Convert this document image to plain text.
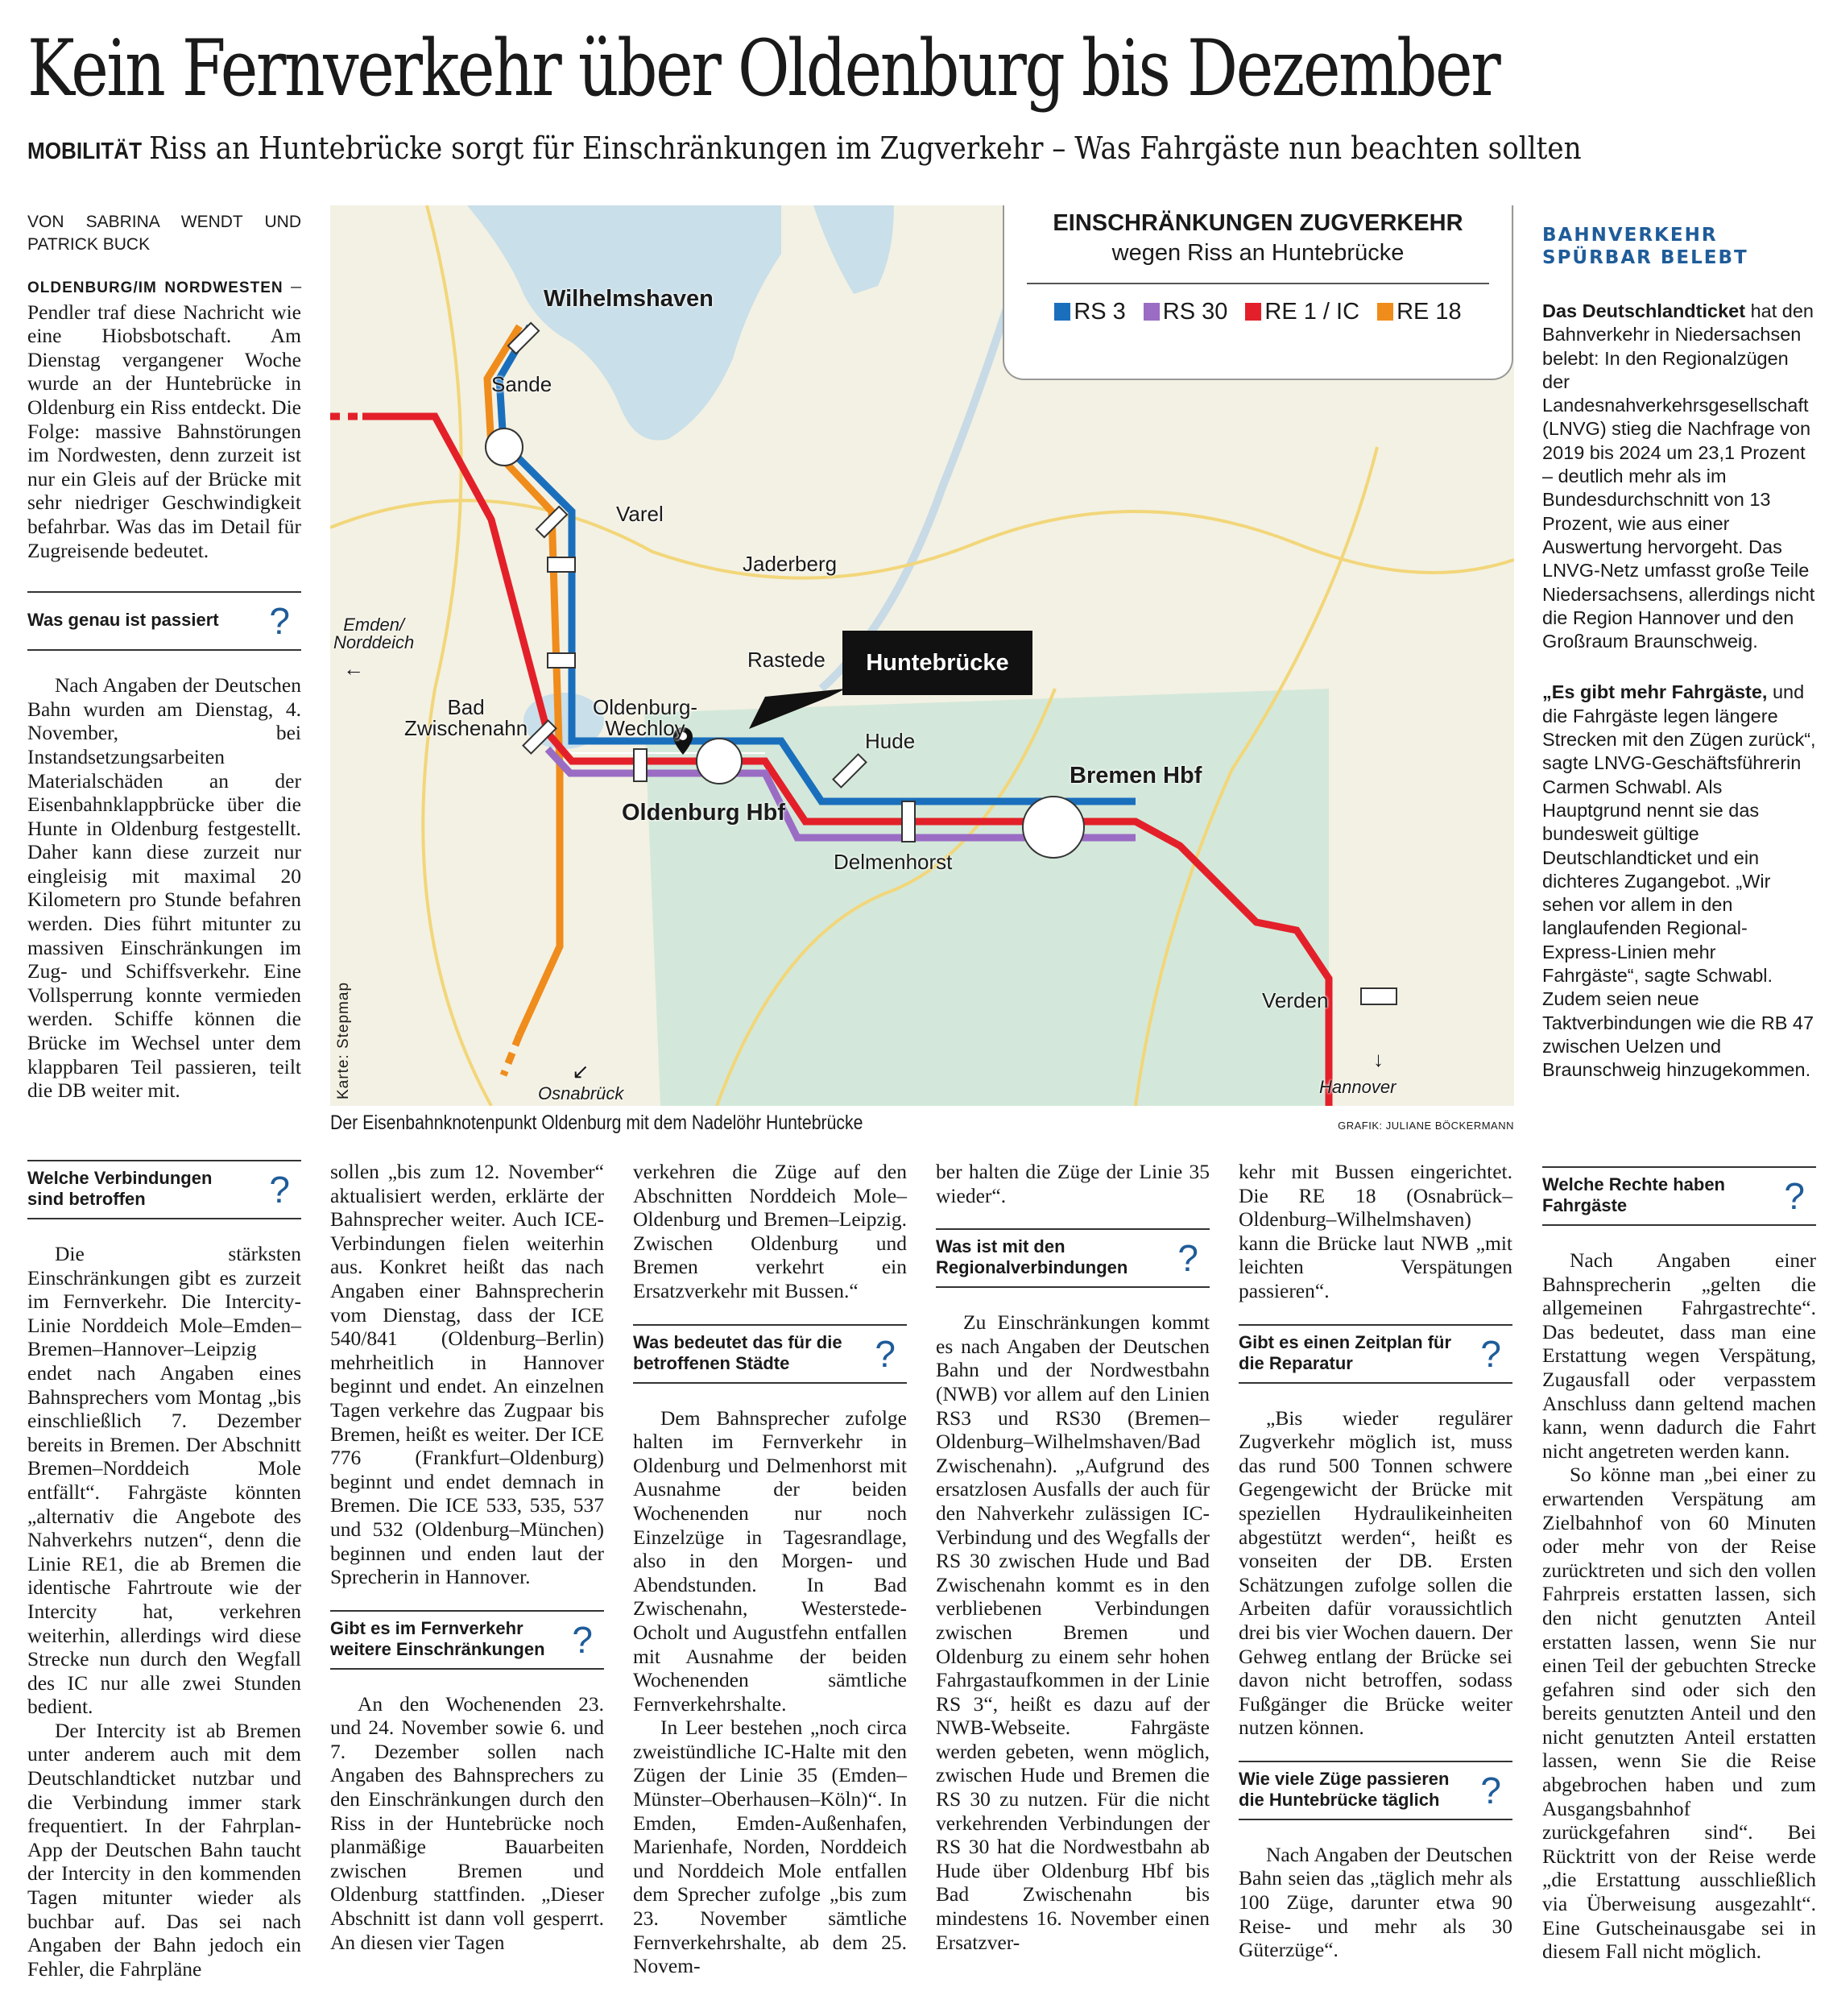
Kein Fernverkehr über Oldenburg bis Dezember
MOBILITÄT Riss an Huntebrücke sorgt für Einschränkungen im Zugverkehr – Was Fahrgäste nun beachten sollten
VON SABRINA WENDT UND PATRICK BUCK

OLDENBURG/IM NORDWESTEN – Pendler traf diese Nachricht wie eine Hiobsbotschaft. Am Dienstag vergangener Woche wurde an der Huntebrücke in Oldenburg ein Riss entdeckt. Die Folge: massive Bahnstörungen im Nordwesten, denn zurzeit ist nur ein Gleis auf der Brücke mit sehr niedriger Geschwindigkeit befahrbar. Was das im Detail für Zugreisende bedeutet.

Was genau ist passiert	?

Nach Angaben der Deutschen Bahn wurden am Dienstag, 4. November, bei Instandsetzungsarbeiten Materialschäden an der Eisenbahnklappbrücke über die Hunte in Oldenburg festgestellt. Daher kann diese zurzeit nur eingleisig mit maximal 20 Kilometern pro Stunde befahren werden. Dies führt mitunter zu massiven Einschränkungen im Zug- und Schiffsverkehr. Eine Vollsperrung konnte vermieden werden. Schiffe können die Brücke im Wechsel unter dem klappbaren Teil passieren, teilt die DB weiter mit.

Welche Verbindungen sind betroffen	?

Die stärksten Einschränkungen gibt es zurzeit im Fernverkehr. Die Intercity-Linie Norddeich Mole–Emden–Bremen–Hannover–Leipzig endet nach Angaben eines Bahnsprechers vom Montag „bis einschließlich 7. Dezember bereits in Bremen. Der Abschnitt Bremen–Norddeich Mole entfällt“. Fahrgäste könnten „alternativ die Angebote des Nahverkehrs nutzen“, denn die Linie RE1, die ab Bremen die identische Fahrtroute wie der Intercity hat, verkehren weiterhin, allerdings wird diese Strecke nun durch den Wegfall des IC nur alle zwei Stunden bedient.

Der Intercity ist ab Bremen unter anderem auch mit dem Deutschlandticket nutzbar und die Verbindung immer stark frequentiert. In der Fahrplan-App der Deutschen Bahn taucht der Intercity in den kommenden Tagen mitunter wieder als buchbar auf. Das sei nach Angaben der Bahn jedoch ein Fehler, die Fahrpläne

sollen „bis zum 12. November“ aktualisiert werden, erklärte der Bahnsprecher weiter. Auch ICE-Verbindungen fielen weiterhin aus. Konkret heißt das nach Angaben einer Bahnsprecherin vom Dienstag, dass der ICE 540/841 (Oldenburg–Berlin) mehrheitlich in Hannover beginnt und endet. An einzelnen Tagen verkehre das Zugpaar bis Bremen, heißt es weiter. Der ICE 776 (Frankfurt–Oldenburg) beginnt und endet demnach in Bremen. Die ICE 533, 535, 537 und 532 (Oldenburg–München) beginnen und enden laut der Sprecherin in Hannover.

Gibt es im Fernverkehr weitere Einschränkungen ?

An den Wochenenden 23. und 24. November sowie 6. und 7. Dezember sollen nach Angaben des Bahnsprechers zu den Einschränkungen durch den Riss in der Huntebrücke noch planmäßige Bauarbeiten zwischen Bremen und Oldenburg stattfinden. „Dieser Abschnitt ist dann voll gesperrt. An diesen vier Tagen

verkehren die Züge auf den Abschnitten Norddeich Mole–Oldenburg und Bremen–Leipzig. Zwischen Oldenburg und Bremen verkehrt ein Ersatzverkehr mit Bussen.“

Was bedeutet das für die betroffenen Städte	?

Dem Bahnsprecher zufolge halten im Fernverkehr in Oldenburg und Delmenhorst mit Ausnahme der beiden Wochenenden nur noch Einzelzüge in Tagesrandlage, also in den Morgen- und Abendstunden. In Bad Zwischenahn, Westerstede-Ocholt und Augustfehn entfallen mit Ausnahme der beiden Wochenenden sämtliche Fernverkehrshalte.

In Leer bestehen „noch circa zweistündliche IC-Halte mit den Zügen der Linie 35 (Emden–Münster–Oberhausen–Köln)“. In Emden, Emden-Außenhafen, Marienhafe, Norden, Norddeich und Norddeich Mole entfallen dem Sprecher zufolge „bis zum 23. November sämtliche Fernverkehrshalte, ab dem 25. Novem-

ber halten die Züge der Linie 35 wieder“.

Was ist mit den Regionalverbindungen	?

Zu Einschränkungen kommt es nach Angaben der Deutschen Bahn und der Nordwestbahn (NWB) vor allem auf den Linien RS3 und RS30 (Bremen–Oldenburg–Wilhelmshaven/Bad Zwischenahn). „Aufgrund des ersatzlosen Ausfalls der auch für den Nahverkehr zulässigen IC-Verbindung und des Wegfalls der RS 30 zwischen Hude und Bad Zwischenahn kommt es in den verbliebenen Verbindungen zwischen Bremen und Oldenburg zu einem sehr hohen Fahrgastaufkommen in der Linie RS 3“, heißt es dazu auf der NWB-Webseite. Fahrgäste werden gebeten, wenn möglich, zwischen Hude und Bremen die RS 30 zu nutzen. Für die nicht verkehrenden Verbindungen der RS 30 hat die Nordwestbahn ab Hude über Oldenburg Hbf bis Bad Zwischenahn bis mindestens 16. November einen Ersatzver-

kehr mit Bussen eingerichtet. Die RE 18 (Osnabrück–Oldenburg–Wilhelmshaven) kann die Brücke laut NWB „mit leichten Verspätungen passieren“.

Gibt es einen Zeitplan für die Reparatur	?

„Bis wieder regulärer Zugverkehr möglich ist, muss das rund 500 Tonnen schwere Gegengewicht der Brücke mit speziellen Hydraulikeinheiten abgestützt werden“, heißt es vonseiten der DB. Ersten Schätzungen zufolge sollen die Arbeiten dafür voraussichtlich drei bis vier Wochen dauern. Der Gehweg entlang der Brücke sei davon nicht betroffen, sodass Fußgänger die Brücke weiter nutzen können.

Wie viele Züge passieren die Huntebrücke täglich	?

Nach Angaben der Deutschen Bahn seien das „täglich mehr als 100 Züge, darunter etwa 90 Reise- und mehr als 30 Güterzüge“.

Welche Rechte haben Fahrgäste	?

Nach Angaben einer Bahnsprecherin „gelten die allgemeinen Fahrgastrechte“. Das bedeutet, dass man eine Erstattung wegen Verspätung, Zugausfall oder verpasstem Anschluss dann geltend machen kann, wenn dadurch die Fahrt nicht angetreten werden kann.

So könne man „bei einer zu erwartenden Verspätung am Zielbahnhof von 60 Minuten oder mehr von der Reise zurücktreten und sich den vollen Fahrpreis erstatten lassen, sich den nicht genutzten Anteil erstatten lassen, wenn Sie nur einen Teil der gebuchten Strecke gefahren sind oder sich den bereits genutzten Anteil und den nicht genutzten Anteil erstatten lassen, wenn Sie die Reise abgebrochen haben und zum Ausgangsbahnhof zurückgefahren sind“. Bei Rücktritt von der Reise werde „die Erstattung ausschließlich via Überweisung ausgezahlt“. Eine Gutscheinausgabe sei in diesem Fall nicht möglich.

BAHNVERKEHR SPÜRBAR BELEBT

Das Deutschlandticket hat den Bahnverkehr in Niedersachsen belebt: In den Regionalzügen der Landesnahverkehrsgesellschaft (LNVG) stieg die Nachfrage von 2019 bis 2024 um 23,1 Prozent – deutlich mehr als im Bundesdurchschnitt von 13 Prozent, wie aus einer Auswertung hervorgeht. Das LNVG-Netz umfasst große Teile Niedersachsens, allerdings nicht die Region Hannover und den Großraum Braunschweig.

„Es gibt mehr Fahrgäste, und die Fahrgäste legen längere Strecken mit den Zügen zurück“, sagte LNVG-Geschäftsführerin Carmen Schwabl. Als Hauptgrund nennt sie das bundesweit gültige Deutschlandticket und ein dichteres Zugangebot. „Wir sehen vor allem in den langlaufenden Regional-Express-Linien mehr Fahrgäste“, sagte Schwabl. Zudem seien neue Taktverbindungen wie die RB 47 zwischen Uelzen und Braunschweig hinzugekommen.

EINSCHRÄNKUNGEN ZUGVERKEHR
wegen Riss an Huntebrücke
RS 3	RS 30	RE 1 / IC	RE 18
Huntebrücke
Wilhelmshaven
Sande
Varel
Jaderberg
Rastede
Bad
Zwischenahn
Oldenburg-
Wechloy
Oldenburg Hbf
Hude
Delmenhorst
Bremen Hbf
Verden
Emden/
Norddeich
←
Osnabrück
↙
Hannover
↓
Karte: Stepmap
Der Eisenbahnknotenpunkt Oldenburg mit dem Nadelöhr Huntebrücke	GRAFIK: JULIANE BÖCKERMANN
